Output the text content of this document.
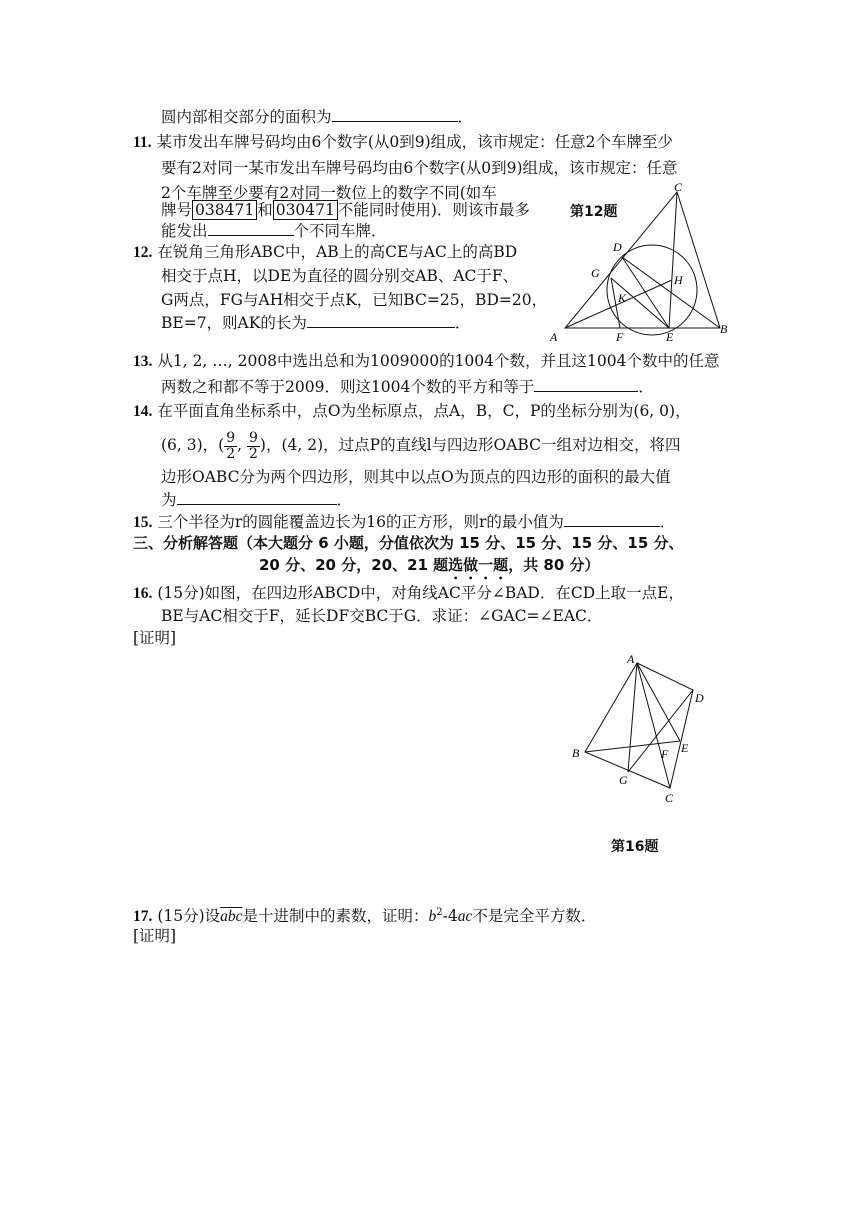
圆内部相交部分的面积为	．
11. 某市发出车牌号码均由6个数字(从0到9)组成，该市规定：任意2个车牌至少
要有2对同一某市发出车牌号码均由6个数字(从0到9)组成，该市规定：任意
2个车牌至少要有2对同一数位上的数字不同(如车
牌号 038471 和 030471 不能同时使用)．则该市最多
能发出	个不同车牌．
12. 在锐角三角形ABC中，AB上的高CE与AC上的高BD
相交于点H，以DE为直径的圆分别交AB、AC于F、
G两点，FG与AH相交于点K，已知BC=25，BD=20，
BE=7，则AK的长为	．
第12题
A
B
C
D
E
F
G	H
K
13. 从1, 2, …, 2008中选出总和为1009000的1004个数，并且这1004个数中的任意
两数之和都不等于2009．则这1004个数的平方和等于	．
14. 在平面直角坐标系中，点O为坐标原点，点A，B，C，P的坐标分别为(6, 0)，
(6, 3)，( $\frac{9}{2}$ , $\frac{9}{2}$ )，(4, 2)，过点P的直线l与四边形OABC一组对边相交，将四
边形OABC分为两个四边形，则其中以点O为顶点的四边形的面积的最大值
为	．
15. 三个半径为r的圆能覆盖边长为16的正方形，则r的最小值为	．
三、分析解答题（本大题分 6 小题，分值依次为 15 分、15 分、15 分、15 分、
20 分、20 分，20、21 题选做一题，共 80 分）
16. (15分)如图，在四边形ABCD中，对角线AC平分∠BAD．在CD上取一点E，
BE与AC相交于F，延长DF交BC于G．求证：∠GAC=∠EAC．
[证明]
A
B
C
D
E
F
G
第16题
17. (15分)设$\overline{abc}$是十进制中的素数，证明：$b^2-4ac$不是完全平方数．
[证明]
